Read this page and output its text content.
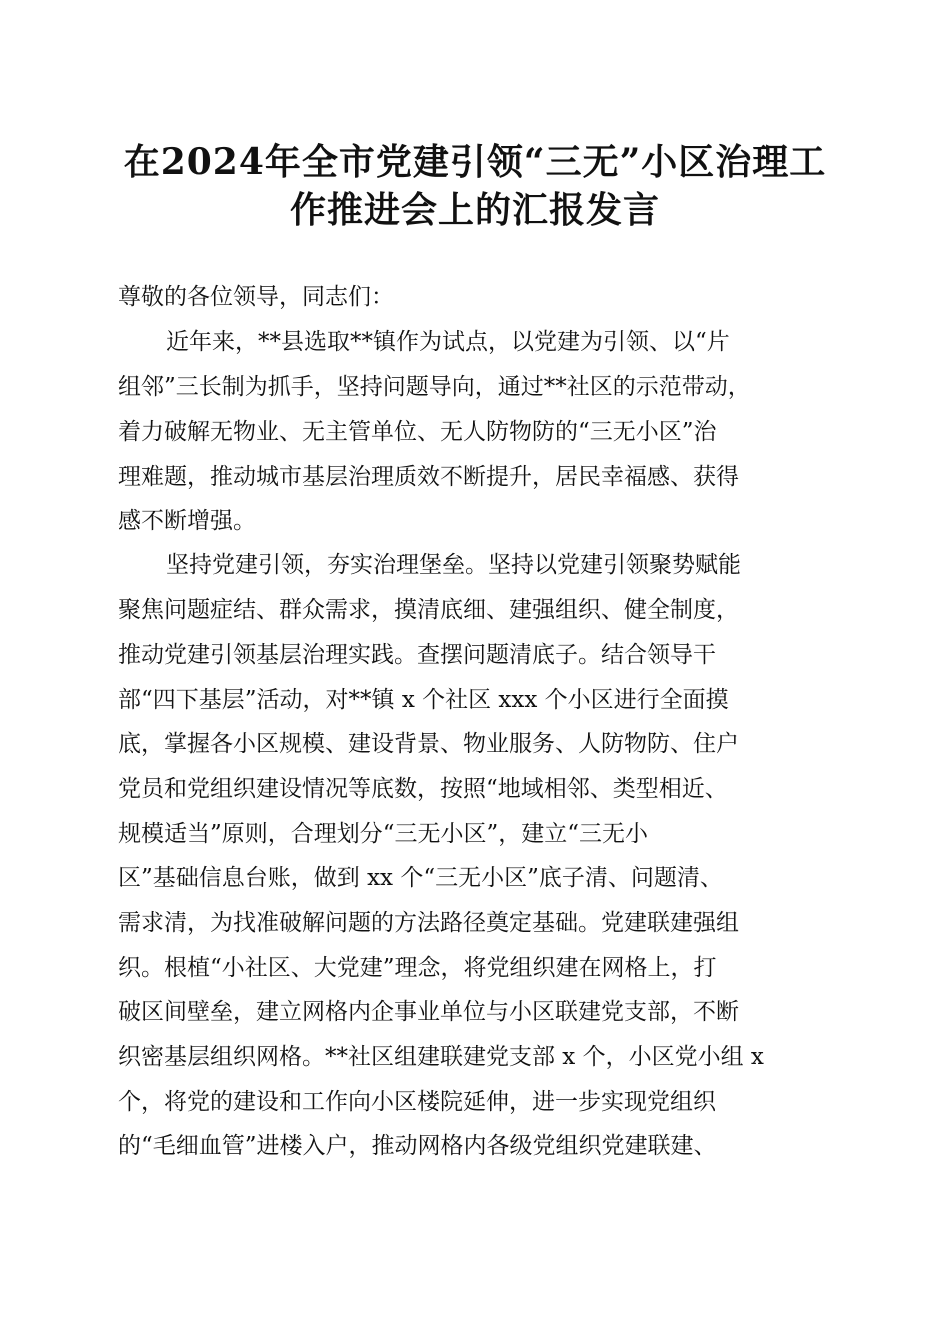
在2024年全市党建引领“三无”小区治理工
作推进会上的汇报发言
尊敬的各位领导，同志们：
近年来，**县选取**镇作为试点，以党建为引领、以“片
组邻”三长制为抓手，坚持问题导向，通过**社区的示范带动，
着力破解无物业、无主管单位、无人防物防的“三无小区”治
理难题，推动城市基层治理质效不断提升，居民幸福感、获得
感不断增强。
坚持党建引领，夯实治理堡垒。坚持以党建引领聚势赋能
聚焦问题症结、群众需求，摸清底细、建强组织、健全制度，
推动党建引领基层治理实践。查摆问题清底子。结合领导干
部“四下基层”活动，对**镇 x 个社区 xxx 个小区进行全面摸
底，掌握各小区规模、建设背景、物业服务、人防物防、住户
党员和党组织建设情况等底数，按照“地域相邻、类型相近、
规模适当”原则，合理划分“三无小区”，建立“三无小
区”基础信息台账，做到 xx 个“三无小区”底子清、问题清、
需求清，为找准破解问题的方法路径奠定基础。党建联建强组
织。根植“小社区、大党建”理念，将党组织建在网格上，打
破区间壁垒，建立网格内企事业单位与小区联建党支部，不断
织密基层组织网格。**社区组建联建党支部 x 个，小区党小组 x
个，将党的建设和工作向小区楼院延伸，进一步实现党组织
的“毛细血管”进楼入户，推动网格内各级党组织党建联建、
